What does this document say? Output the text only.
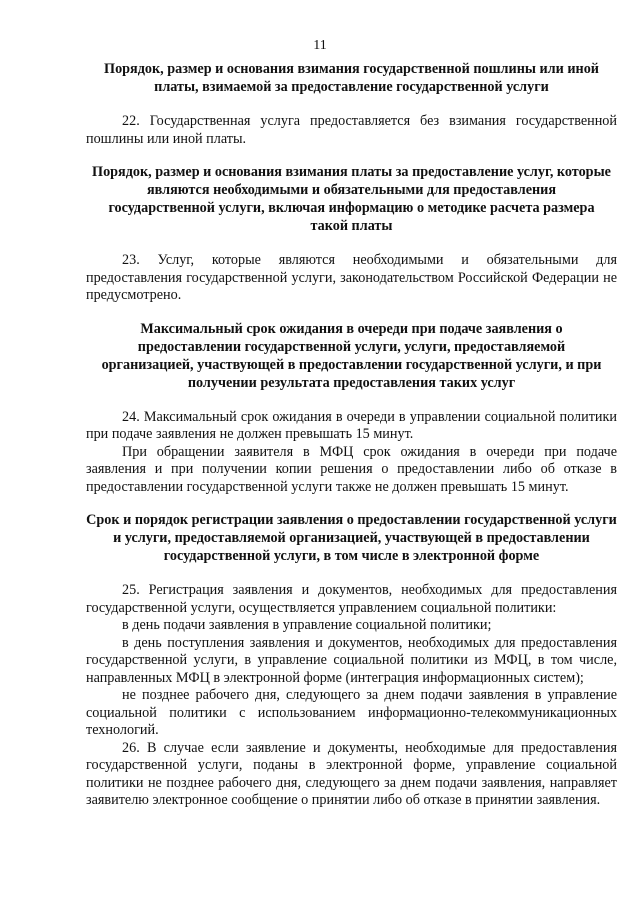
11

Порядок, размер и основания взимания государственной пошлины или иной платы, взимаемой за предоставление государственной услуги

22. Государственная услуга предоставляется без взимания государственной пошлины или иной платы.

Порядок, размер и основания взимания платы за предоставление услуг, которые являются необходимыми и обязательными для предоставления государственной услуги, включая информацию о методике расчета размера такой платы

23. Услуг, которые являются необходимыми и обязательными для предоставления государственной услуги, законодательством Российской Федерации не предусмотрено.

Максимальный срок ожидания в очереди при подаче заявления о предоставлении государственной услуги, услуги, предоставляемой организацией, участвующей в предоставлении государственной услуги, и при получении результата предоставления таких услуг

24. Максимальный срок ожидания в очереди в управлении социальной политики при подаче заявления не должен превышать 15 минут.

При обращении заявителя в МФЦ срок ожидания в очереди при подаче заявления и при получении копии решения о предоставлении либо об отказе в предоставлении государственной услуги также не должен превышать 15 минут.

Срок и порядок регистрации заявления о предоставлении государственной услуги и услуги, предоставляемой организацией, участвующей в предоставлении государственной услуги, в том числе в электронной форме

25. Регистрация заявления и документов, необходимых для предоставления государственной услуги, осуществляется управлением социальной политики:

в день подачи заявления в управление социальной политики;

в день поступления заявления и документов, необходимых для предоставления государственной услуги, в управление социальной политики из МФЦ, в том числе, направленных МФЦ в электронной форме (интеграция информационных систем);

не позднее рабочего дня, следующего за днем подачи заявления в управление социальной политики с использованием информационно-телекоммуникационных технологий.

26. В случае если заявление и документы, необходимые для предоставления государственной услуги, поданы в электронной форме, управление социальной политики не позднее рабочего дня, следующего за днем подачи заявления, направляет заявителю электронное сообщение о принятии либо об отказе в принятии заявления.
